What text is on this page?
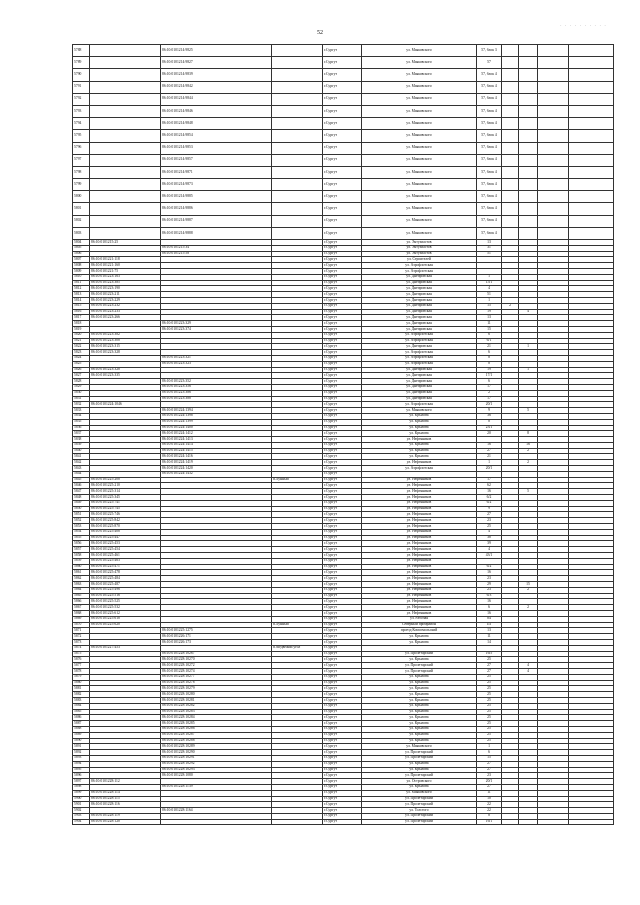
52
· · · · · · · · · ·
5788		86:10:0101214:9825		г.Сургут	ул. Маяковского	57, блок 3				
5789		86:10:0101214:9827		г.Сургут	ул. Маяковского	57				
5790		86:10:0101214:9839		г.Сургут	ул. Маяковского	57, блок 4				
5791		86:10:0101214:9842		г.Сургут	ул. Маяковского	57, блок 4				
5792		86:10:0101214:9844		г.Сургут	ул. Маяковского	57, блок 4				
5793		86:10:0101214:9846		г.Сургут	ул. Маяковского	57, блок 4				
5794		86:10:0101214:9848		г.Сургут	ул. Маяковского	57, блок 4				
5795		86:10:0101214:9854		г.Сургут	ул. Маяковского	57, блок 4				
5796		86:10:0101214:9853		г.Сургут	ул. Маяковского	57, блок 4				
5797		86:10:0101214:9857		г.Сургут	ул. Маяковского	57, блок 4				
5798		86:10:0101214:9871		г.Сургут	ул. Маяковского	57, блок 4				
5799		86:10:0101214:9873		г.Сургут	ул. Маяковского	57, блок 4				
5800		86:10:0101214:9885		г.Сургут	ул. Маяковского	57, блок 4				
5801		86:10:0101214:9886		г.Сургут	ул. Маяковского	57, блок 4				
5802		86:10:0101214:9887		г.Сургут	ул. Маяковского	57, блок 4				
5803		86:10:0101214:9888		г.Сургут	ул. Маяковского	57, блок 4				
5804	86:10:0101215:25			г.Сургут	ул. Энтузиастов	13				
5805		86:10:0101215:34		г.Сургут	ул. Энтузиастов	31				
5806		86:10:0101215:58		г.Сургут	ул. Энтузиастов	51				
5807	86:10:0101221:118			г.Сургут	ул. Строителей					
5808	86:10:0101221:160			г.Сургут	ул. Аэрофлотская					
5809	86:10:0101221:75			г.Сургут	ул. Аэрофлотская					
5810	86:10:0101223:163			г.Сургут	ул. Днепровская	1				
5811	86:10:0101223:385			г.Сургут	ул. Днепровская	15/1				
5812	86:10:0101223:190			г.Сургут	ул. Днепровская	4				
5813	86:10:0101223:211			г.Сургут	ул. Днепровская	51				
5814	86:10:0101223:229			г.Сургут	ул. Днепровская	1				
5815	86:10:0101223:232			г.Сургут	ул. Днепровская	15	2			
5816	86:10:0101223:233			г.Сургут	ул. Днепровская	19		4		
5817	86:10:0101223:266			г.Сургут	ул. Днепровская	13				
5818		86:10:0101223:329		г.Сургут	ул. Днепровская	11				
5819		86:10:0101223:374		г.Сургут	ул. Днепровская	15				
5820	86:10:0101223:382			г.Сургут	ул. Аэрофлотская	6				
5821	86:10:0101223:308			г.Сургут	ул. Аэрофлотская	6/1				
5822	86:10:0101223:315			г.Сургут	ул. Днепровская	21		1		
5823	86:10:0101223:328			г.Сургут	ул. Аэрофлотская	6				
5824		86:10:0101223:321		г.Сургут	ул. Аэрофлотская	8				
5825		86:10:0101223:323		г.Сургут	ул. Аэрофлотская	8				
5826	86:10:0101223:328			г.Сургут	ул. Днепровская	19		1		
5827	86:10:0101223:335			г.Сургут	ул. Днепровская	17/1				
5828		86:10:0101223:352		г.Сургут	ул. Днепровская	6				
5829		86:10:0101223:356		г.Сургут	ул. Днепровская	17				
5830		86:10:0101223:386		г.Сургут	ул. Днепровская	2				
5831		86:10:0101223:388		г.Сургут	ул. Днепровская	17				
5832	86:10:0101224:1046			г.Сургут	ул. Аэрофлотская	20/1				
5833		86:10:0101224:1394		г.Сургут	ул. Маяковского	9		5		
5834		86:10:0101224:1398		г.Сургут	ул. Крылова	36				
5835		86:10:0101224:1399		г.Сургут	ул. Крылова	8				
5836		86:10:0101224:1400		г.Сургут	ул. Крылова	23/1				
5837		86:10:0101224:1412		г.Сургут	ул. Крылова	20		8		
5838		86:10:0101224:1413		г.Сургут	ул. Нефтяников					
5839		86:10:0101224:1414		г.Сургут	ул. Крылова	16		16		
5840		86:10:0101224:1415		г.Сургут	ул. Крылова	27		2		
5841		86:10:0101224:1416		г.Сургут	ул. Крылова	21				
5842		86:10:0101224:1419		г.Сургут	ул. Нефтяников	1		2		
5843		86:10:0101224:1420		г.Сургут	ул. Аэрофлотская	20/1				
5844		86:10:0101224:1432		г.Сургут						
5845	86:10:0101225:208		п.Лунный	г.Сургут	ул. Нефтяников	17				
5846	86:10:0101225:210			г.Сургут	ул. Нефтяников	62				
5847	86:10:0101225:314			г.Сургут	ул. Нефтяников	16		5		
5848	86:10:0101225:345			г.Сургут	ул. Нефтяников	6/2				
5849	86:10:0101225:741			г.Сургут	ул. Нефтяников	6/2				
5850	86:10:0101225:745			г.Сургут	ул. Нефтяников	9				
5851	86:10:0101225:746			г.Сургут	ул. Нефтяников	27				
5852	86:10:0101225:842			г.Сургут	ул. Нефтяников	23				
5853	86:10:0101225:870			г.Сургут	ул. Нефтяников	25				
5854	86:10:0101225:408			г.Сургут	ул. Нефтяников	4				
5855	86:10:0101225:447			г.Сургут	ул. Нефтяников	38				
5856	86:10:0101225:453			г.Сургут	ул. Нефтяников	39				
5857	86:10:0101225:454			г.Сургут	ул. Нефтяников	4				
5858	86:10:0101225:461			г.Сургут	ул. Нефтяников	43/1				
5859	86:10:0101225:463			г.Сургут	ул. Нефтяников					
5860	86:10:0101225:471			г.Сургут	ул. Нефтяников	6/2				
5861	86:10:0101225:478			г.Сургут	ул. Нефтяников	16				
5862	86:10:0101225:484			г.Сургут	ул. Нефтяников	23				
5863	86:10:0101225:487			г.Сургут	ул. Нефтяников	29		15		
5864	86:10:0101225:496			г.Сургут	ул. Нефтяников	23		2		
5865	86:10:0101225:516			г.Сургут	ул. Нефтяников	6/3				
5866	86:10:0101225:525			г.Сургут	ул. Нефтяников	16				
5867	86:10:0101225:532			г.Сургут	ул. Нефтяников	6		2		
5868	86:10:0101225:612			г.Сургут	ул. Нефтяников	16				
5869	86:10:0101225:618			г.Сургут	ул. Рабочая	84				
5870	86:10:0101225:620		п.Лунный	г.Сургут	Северный промрайон	III				
5871		86:10:0101225:1275		г.Сургут	проезд Комсомольский	13				
5872		86:10:0101226:171		г.Сургут	ул. Крылова	11				
5873		86:10:0101226:173		г.Сургут	ул. Крылова	14				
5874	86:10:0101227:453		п.Медвежий угол	г.Сургут						
5875		86:10:0101228:10267		г.Сургут	ул. Пролетарский	16/5				
5876		86:10:0101228:10270		г.Сургут	ул. Крылова	25				
5877		86:10:0101228:10272		г.Сургут	ул. Пролетарский	27		4		
5878		86:10:0101228:10274		г.Сургут	ул. Пролетарский	27		4		
5879		86:10:0101228:10277		г.Сургут	ул. Крылова	25				
5880		86:10:0101228:10278		г.Сургут	ул. Крылова	25				
5881		86:10:0101228:10279		г.Сургут	ул. Крылова	25				
5882		86:10:0101228:10280		г.Сургут	ул. Крылова	25				
5883		86:10:0101228:10281		г.Сургут	ул. Крылова	25				
5884		86:10:0101228:10282		г.Сургут	ул. Крылова	25				
5885		86:10:0101228:10283		г.Сургут	ул. Крылова	25				
5886		86:10:0101228:10284		г.Сургут	ул. Крылова	25				
5887		86:10:0101228:10285		г.Сургут	ул. Крылова	25				
5888		86:10:0101228:10286		г.Сургут	ул. Крылова	25				
5889		86:10:0101228:10287		г.Сургут	ул. Крылова	25				
5890		86:10:0101228:10288		г.Сургут	ул. Крылова	25				
5891		86:10:0101228:10289		г.Сургут	ул. Маяковского	1				
5892		86:10:0101228:10290		г.Сургут	ул. Пролетарский	6				
5893		86:10:0101228:10291		г.Сургут	ул. Пролетарский	15				
5894		86:10:0101228:10292		г.Сургут	ул. Крылова	27				
5895		86:10:0101228:10293		г.Сургут	ул. Крылова	27				
5896		86:10:0101228:1080		г.Сургут	ул. Пролетарский	23				
5897	86:10:0101228:112			г.Сургут	ул. Островского	20/1				
5898		86:10:0101228:1139		г.Сургут	ул. Крылова	27				
5899	86:10:0101228:114			г.Сургут	ул. Маяковского	11				
5900	86:10:0101228:115			г.Сургут	ул. Пролетарский	10				
5901	86:10:0101228:116			г.Сургут	ул. Пролетарский	22				
5902		86:10:0101228:1164		г.Сургут	ул. Толстого	22				
5903	86:10:0101228:119			г.Сургут	ул. Пролетарский	8				
5904	86:10:0101228:120			г.Сургут	ул. Пролетарский	16/1				
